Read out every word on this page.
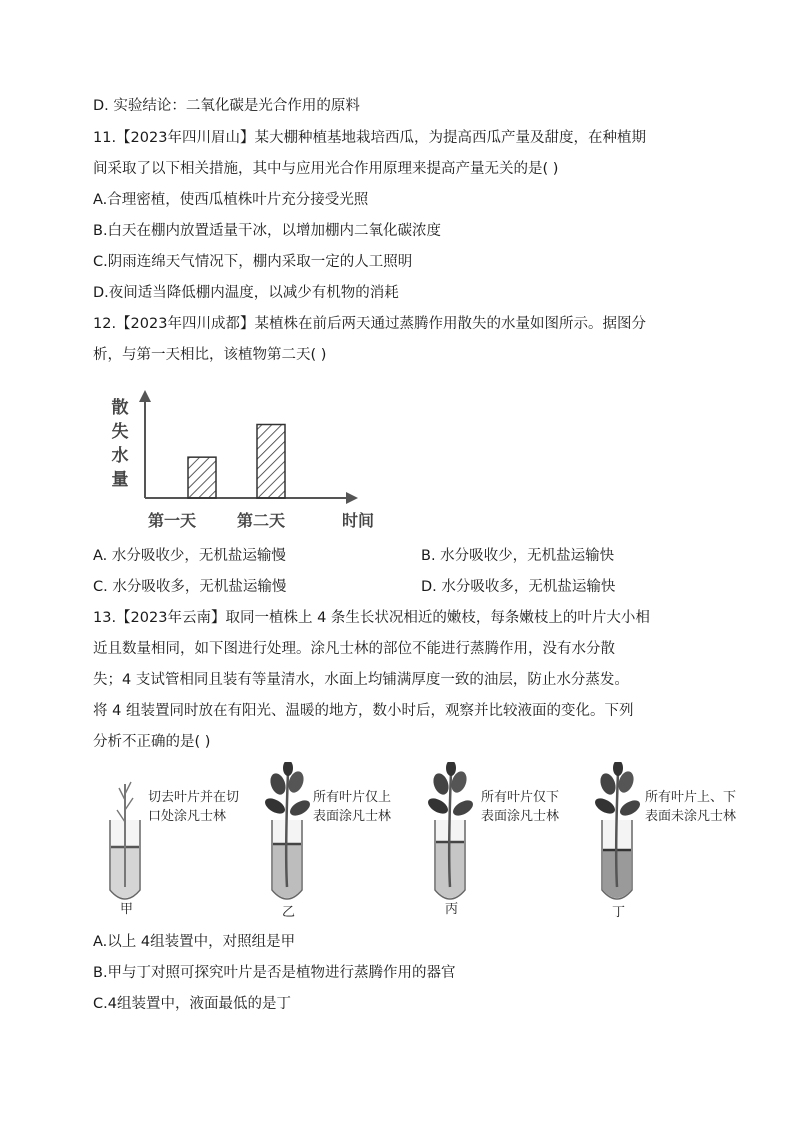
D. 实验结论：二氧化碳是光合作用的原料
11.【2023年四川眉山】某大棚种植基地栽培西瓜，为提高西瓜产量及甜度，在种植期
间采取了以下相关措施，其中与应用光合作用原理来提高产量无关的是( )
A.合理密植，使西瓜植株叶片充分接受光照
B.白天在棚内放置适量干冰，以增加棚内二氧化碳浓度
C.阴雨连绵天气情况下，棚内采取一定的人工照明
D.夜间适当降低棚内温度，以减少有机物的消耗
12.【2023年四川成都】某植株在前后两天通过蒸腾作用散失的水量如图所示。据图分
析，与第一天相比，该植物第二天( )
散
失
水
量
第一天	第二天	时间
A. 水分吸收少，无机盐运输慢	B. 水分吸收少，无机盐运输快
C. 水分吸收多，无机盐运输慢	D. 水分吸收多，无机盐运输快
13.【2023年云南】取同一植株上 4 条生长状况相近的嫩枝，每条嫩枝上的叶片大小相
近且数量相同，如下图进行处理。涂凡士林的部位不能进行蒸腾作用，没有水分散
失；4 支试管相同且装有等量清水，水面上均铺满厚度一致的油层，防止水分蒸发。
将 4 组装置同时放在有阳光、温暖的地方，数小时后，观察并比较液面的变化。下列
分析不正确的是( )
切去叶片并在切
口处涂凡士林
所有叶片仅上
表面涂凡士林
所有叶片仅下
表面涂凡士林
所有叶片上、下
表面未涂凡士林
甲	乙	丙	丁
A.以上 4组装置中，对照组是甲
B.甲与丁对照可探究叶片是否是植物进行蒸腾作用的器官
C.4组装置中，液面最低的是丁
